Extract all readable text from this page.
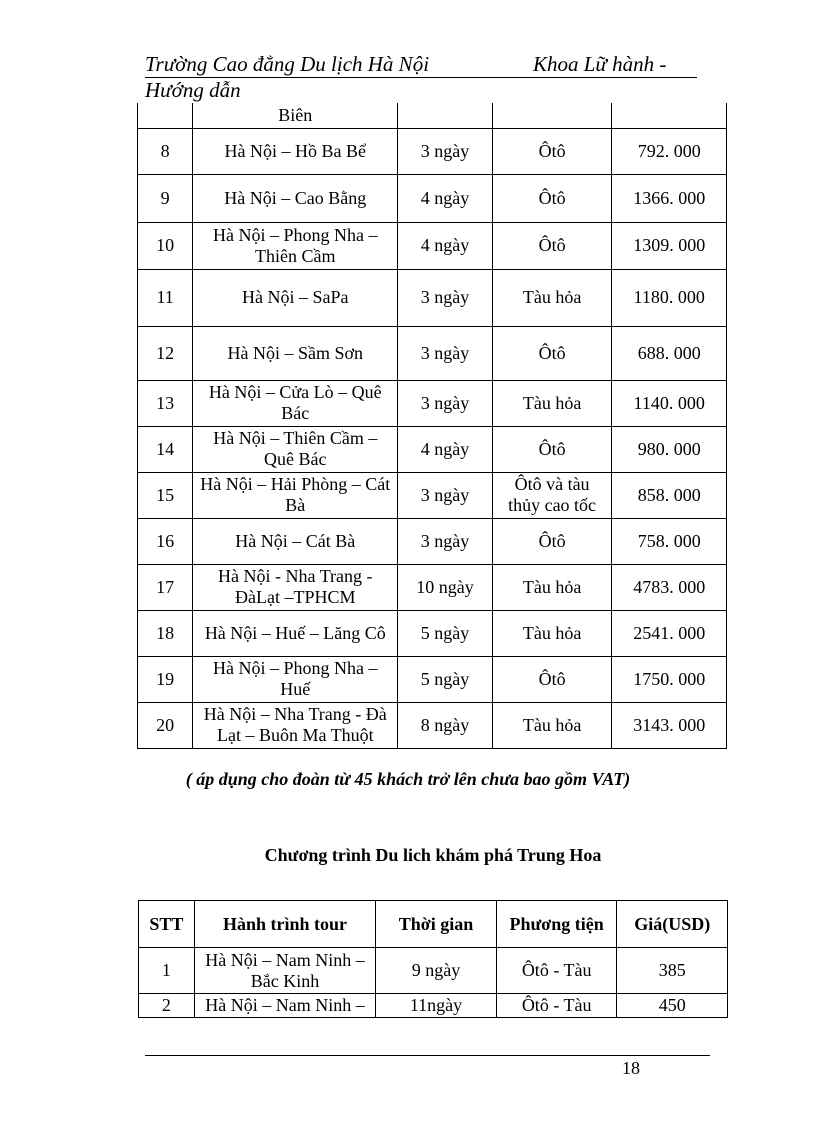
Trường Cao đẳng Du lịch Hà Nội	Khoa Lữ hành -
Hướng dẫn
	Biên			
8	Hà Nội – Hồ Ba Bể	3 ngày	Ôtô	792. 000
9	Hà Nội – Cao Bằng	4 ngày	Ôtô	1366. 000
10	Hà Nội – Phong Nha – Thiên Cầm	4 ngày	Ôtô	1309. 000
11	Hà Nội – SaPa	3 ngày	Tàu hỏa	1180. 000
12	Hà Nội – Sầm Sơn	3 ngày	Ôtô	688. 000
13	Hà Nội – Cửa Lò – Quê Bác	3 ngày	Tàu hỏa	1140. 000
14	Hà Nội – Thiên Cầm – Quê Bác	4 ngày	Ôtô	980. 000
15	Hà Nội – Hải Phòng – Cát Bà	3 ngày	Ôtô và tàu thủy cao tốc	858. 000
16	Hà Nội – Cát Bà	3 ngày	Ôtô	758. 000
17	Hà Nội - Nha Trang - ĐàLạt –TPHCM	10 ngày	Tàu hỏa	4783. 000
18	Hà Nội – Huế – Lăng Cô	5 ngày	Tàu hỏa	2541. 000
19	Hà Nội – Phong Nha – Huế	5 ngày	Ôtô	1750. 000
20	Hà Nội – Nha Trang - Đà Lạt – Buôn Ma Thuột	8 ngày	Tàu hỏa	3143. 000
( áp dụng cho đoàn từ 45 khách trở lên chưa bao gồm VAT)
Chương trình Du lich khám phá Trung Hoa
STT	Hành trình tour	Thời gian	Phương tiện	Giá(USD)
1	Hà Nội – Nam Ninh – Bắc Kinh	9 ngày	Ôtô - Tàu	385
2	Hà Nội – Nam Ninh –	11ngày	Ôtô - Tàu	450
18
